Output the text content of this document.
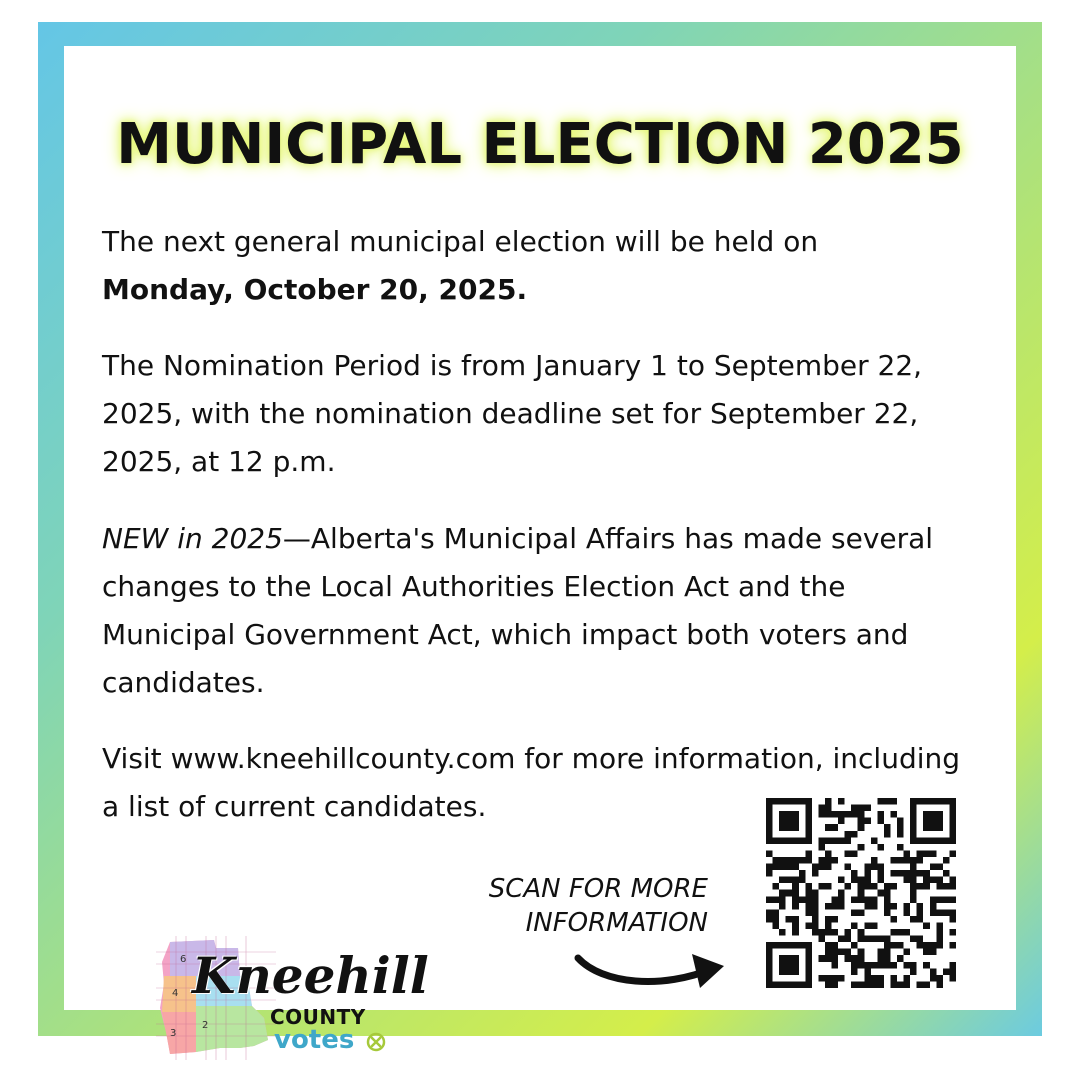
MUNICIPAL ELECTION 2025

The next general municipal election will be held on
Monday, October 20, 2025.

The Nomination Period is from January 1 to September 22, 2025, with the nomination deadline set for September 22, 2025, at 12 p.m.

NEW in 2025—Alberta's Municipal Affairs has made several changes to the Local Authorities Election Act and the Municipal Government Act, which impact both voters and candidates.

Visit www.kneehillcounty.com for more information, including a list of current candidates.

SCAN FOR MORE
INFORMATION

6
4
2
3
Kneehill
COUNTY
votes
